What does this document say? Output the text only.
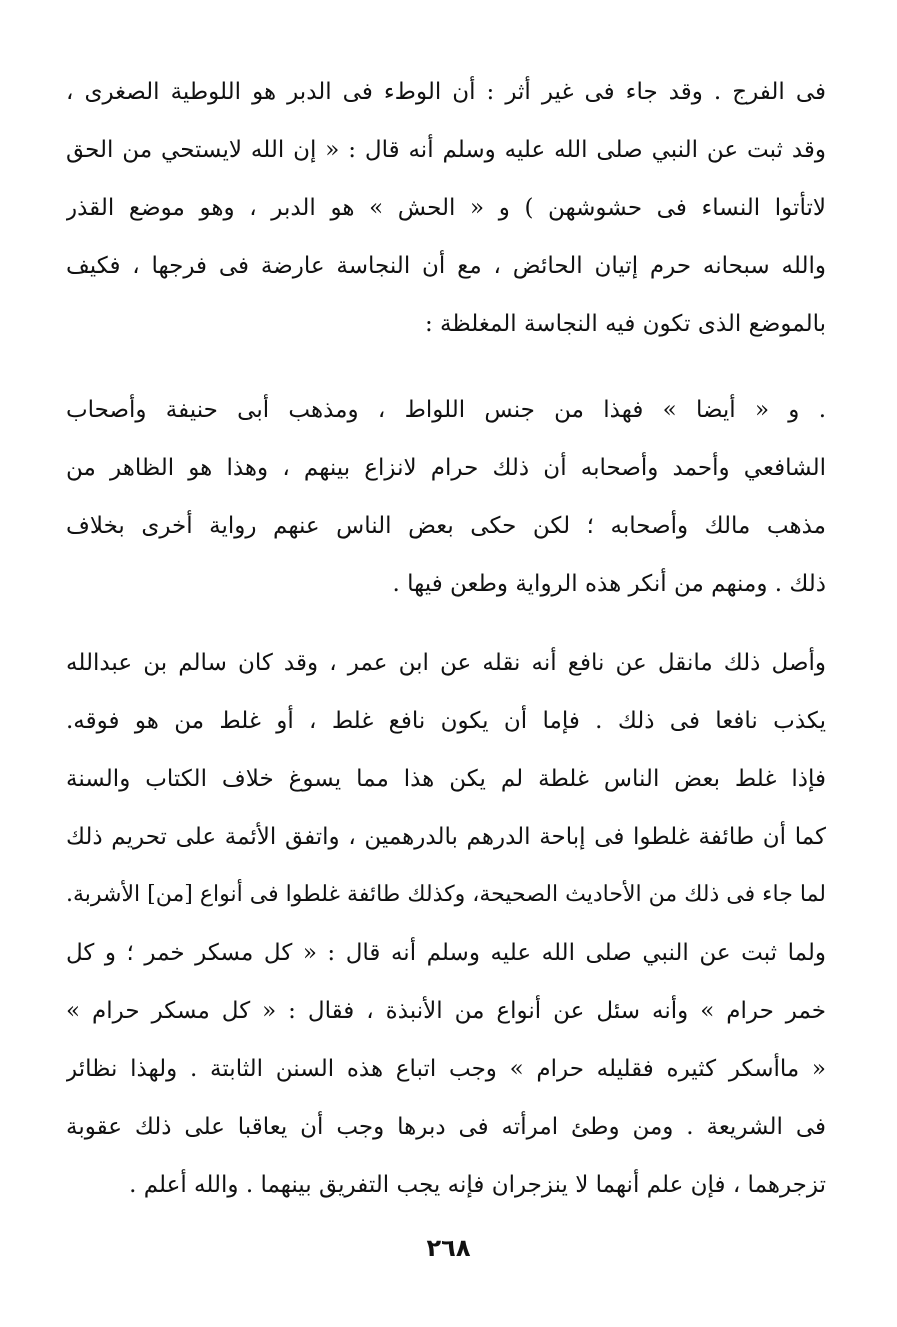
فى الفرج . وقد جاء فى غير أثر : أن الوطء فى الدبر هو اللوطية الصغرى ،
وقد ثبت عن النبي صلى الله عليه وسلم أنه قال : « إن الله لايستحي من الحق
لاتأتوا النساء فى حشوشهن ) و « الحش » هو الدبر ، وهو موضع القذر
والله سبحانه حرم إتيان الحائض ، مع أن النجاسة عارضة فى فرجها ، فكيف
بالموضع الذى تكون فيه النجاسة المغلظة :
. و « أيضا » فهذا من جنس اللواط ، ومذهب أبى حنيفة وأصحاب
الشافعي وأحمد وأصحابه أن ذلك حرام لانزاع بينهم ، وهذا هو الظاهر من
مذهب مالك وأصحابه ؛ لكن حكى بعض الناس عنهم رواية أخرى بخلاف
ذلك . ومنهم من أنكر هذه الرواية وطعن فيها .
وأصل ذلك مانقل عن نافع أنه نقله عن ابن عمر ، وقد كان سالم بن عبدالله
يكذب نافعا فى ذلك . فإما أن يكون نافع غلط ، أو غلط من هو فوقه.
فإذا غلط بعض الناس غلطة لم يكن هذا مما يسوغ خلاف الكتاب والسنة
كما أن طائفة غلطوا فى إباحة الدرهم بالدرهمين ، واتفق الأئمة على تحريم ذلك
لما جاء فى ذلك من الأحاديث الصحيحة، وكذلك طائفة غلطوا فى أنواع [من] الأشربة.
ولما ثبت عن النبي صلى الله عليه وسلم أنه قال : « كل مسكر خمر ؛ و كل
خمر حرام » وأنه سئل عن أنواع من الأنبذة ، فقال : « كل مسكر حرام »
« ماأسكر كثيره فقليله حرام » وجب اتباع هذه السنن الثابتة . ولهذا نظائر
فى الشريعة . ومن وطئ امرأته فى دبرها وجب أن يعاقبا على ذلك عقوبة
تزجرهما ، فإن علم أنهما لا ينزجران فإنه يجب التفريق بينهما . والله أعلم .
٢٦٨
